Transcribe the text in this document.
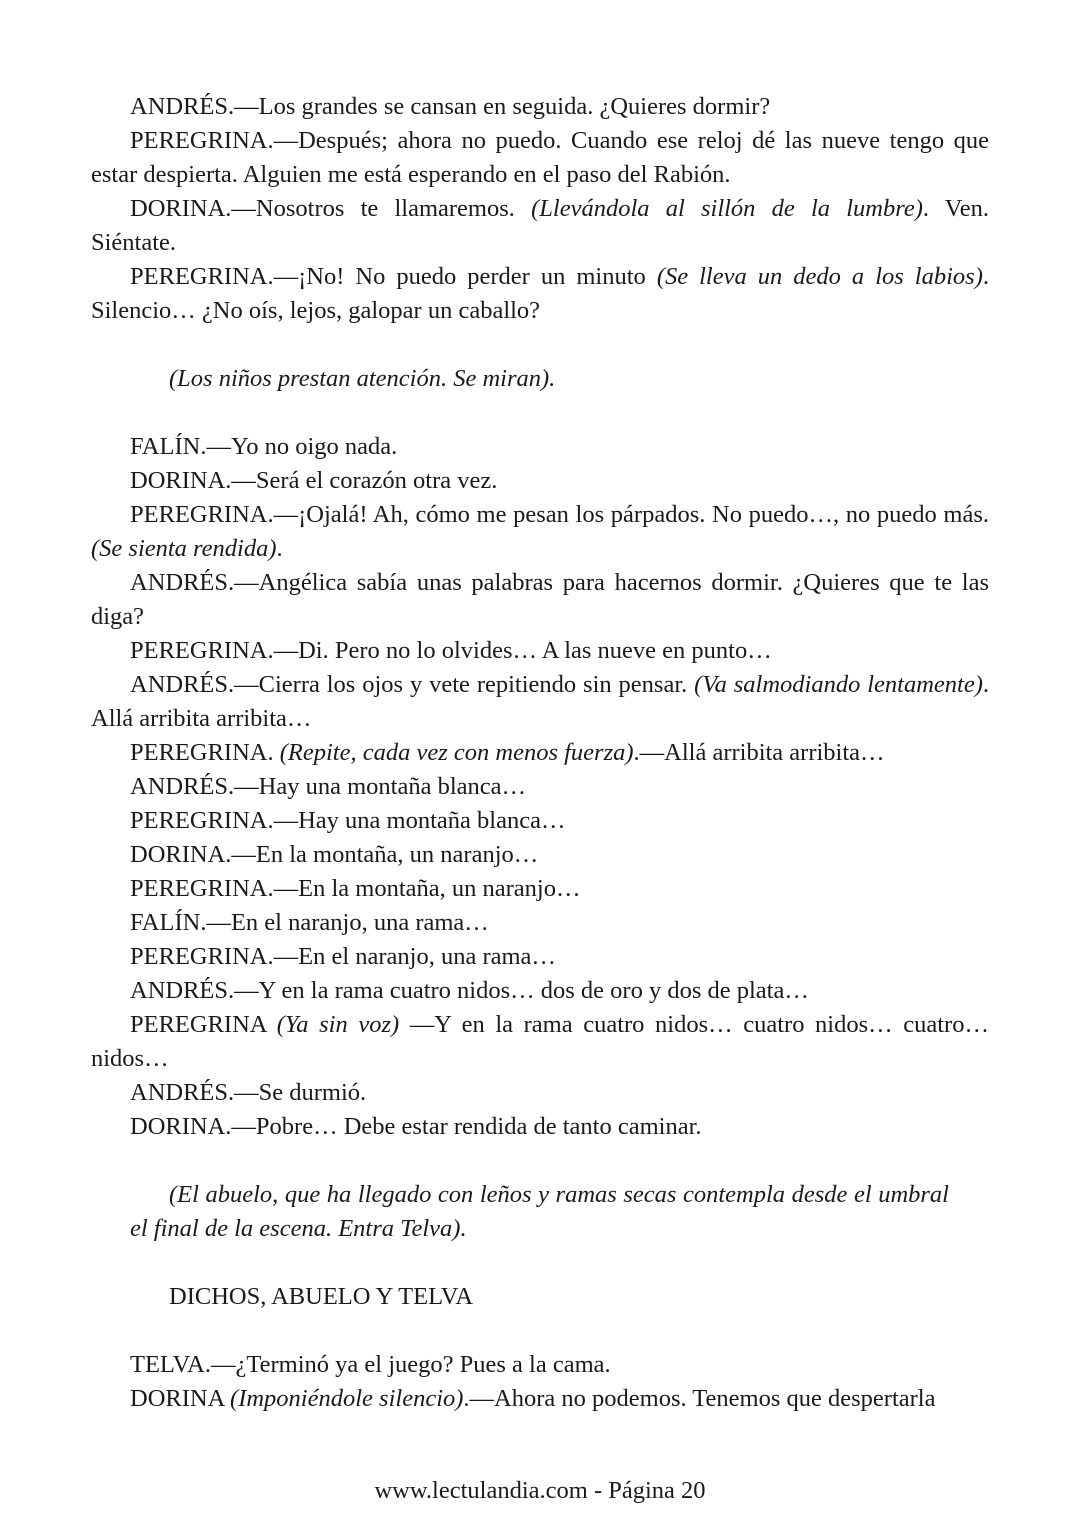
ANDRÉS.—Los grandes se cansan en seguida. ¿Quieres dormir?

PEREGRINA.—Después; ahora no puedo. Cuando ese reloj dé las nueve tengo que estar despierta. Alguien me está esperando en el paso del Rabión.

DORINA.—Nosotros te llamaremos. (Llevándola al sillón de la lumbre). Ven. Siéntate.

PEREGRINA.—¡No! No puedo perder un minuto (Se lleva un dedo a los labios). Silencio… ¿No oís, lejos, galopar un caballo?

(Los niños prestan atención. Se miran).

FALÍN.—Yo no oigo nada.

DORINA.—Será el corazón otra vez.

PEREGRINA.—¡Ojalá! Ah, cómo me pesan los párpados. No puedo…, no puedo más. (Se sienta rendida).

ANDRÉS.—Angélica sabía unas palabras para hacernos dormir. ¿Quieres que te las diga?

PEREGRINA.—Di. Pero no lo olvides… A las nueve en punto…

ANDRÉS.—Cierra los ojos y vete repitiendo sin pensar. (Va salmodiando lentamente). Allá arribita arribita…

PEREGRINA. (Repite, cada vez con menos fuerza).—Allá arribita arribita…

ANDRÉS.—Hay una montaña blanca…

PEREGRINA.—Hay una montaña blanca…

DORINA.—En la montaña, un naranjo…

PEREGRINA.—En la montaña, un naranjo…

FALÍN.—En el naranjo, una rama…

PEREGRINA.—En el naranjo, una rama…

ANDRÉS.—Y en la rama cuatro nidos… dos de oro y dos de plata…

PEREGRINA (Ya sin voz) —Y en la rama cuatro nidos… cuatro nidos… cuatro… nidos…

ANDRÉS.—Se durmió.

DORINA.—Pobre… Debe estar rendida de tanto caminar.

(El abuelo, que ha llegado con leños y ramas secas contempla desde el umbral el final de la escena. Entra Telva).

DICHOS, ABUELO Y TELVA

TELVA.—¿Terminó ya el juego? Pues a la cama.

DORINA (Imponiéndole silencio).—Ahora no podemos. Tenemos que despertarla

www.lectulandia.com - Página 20
